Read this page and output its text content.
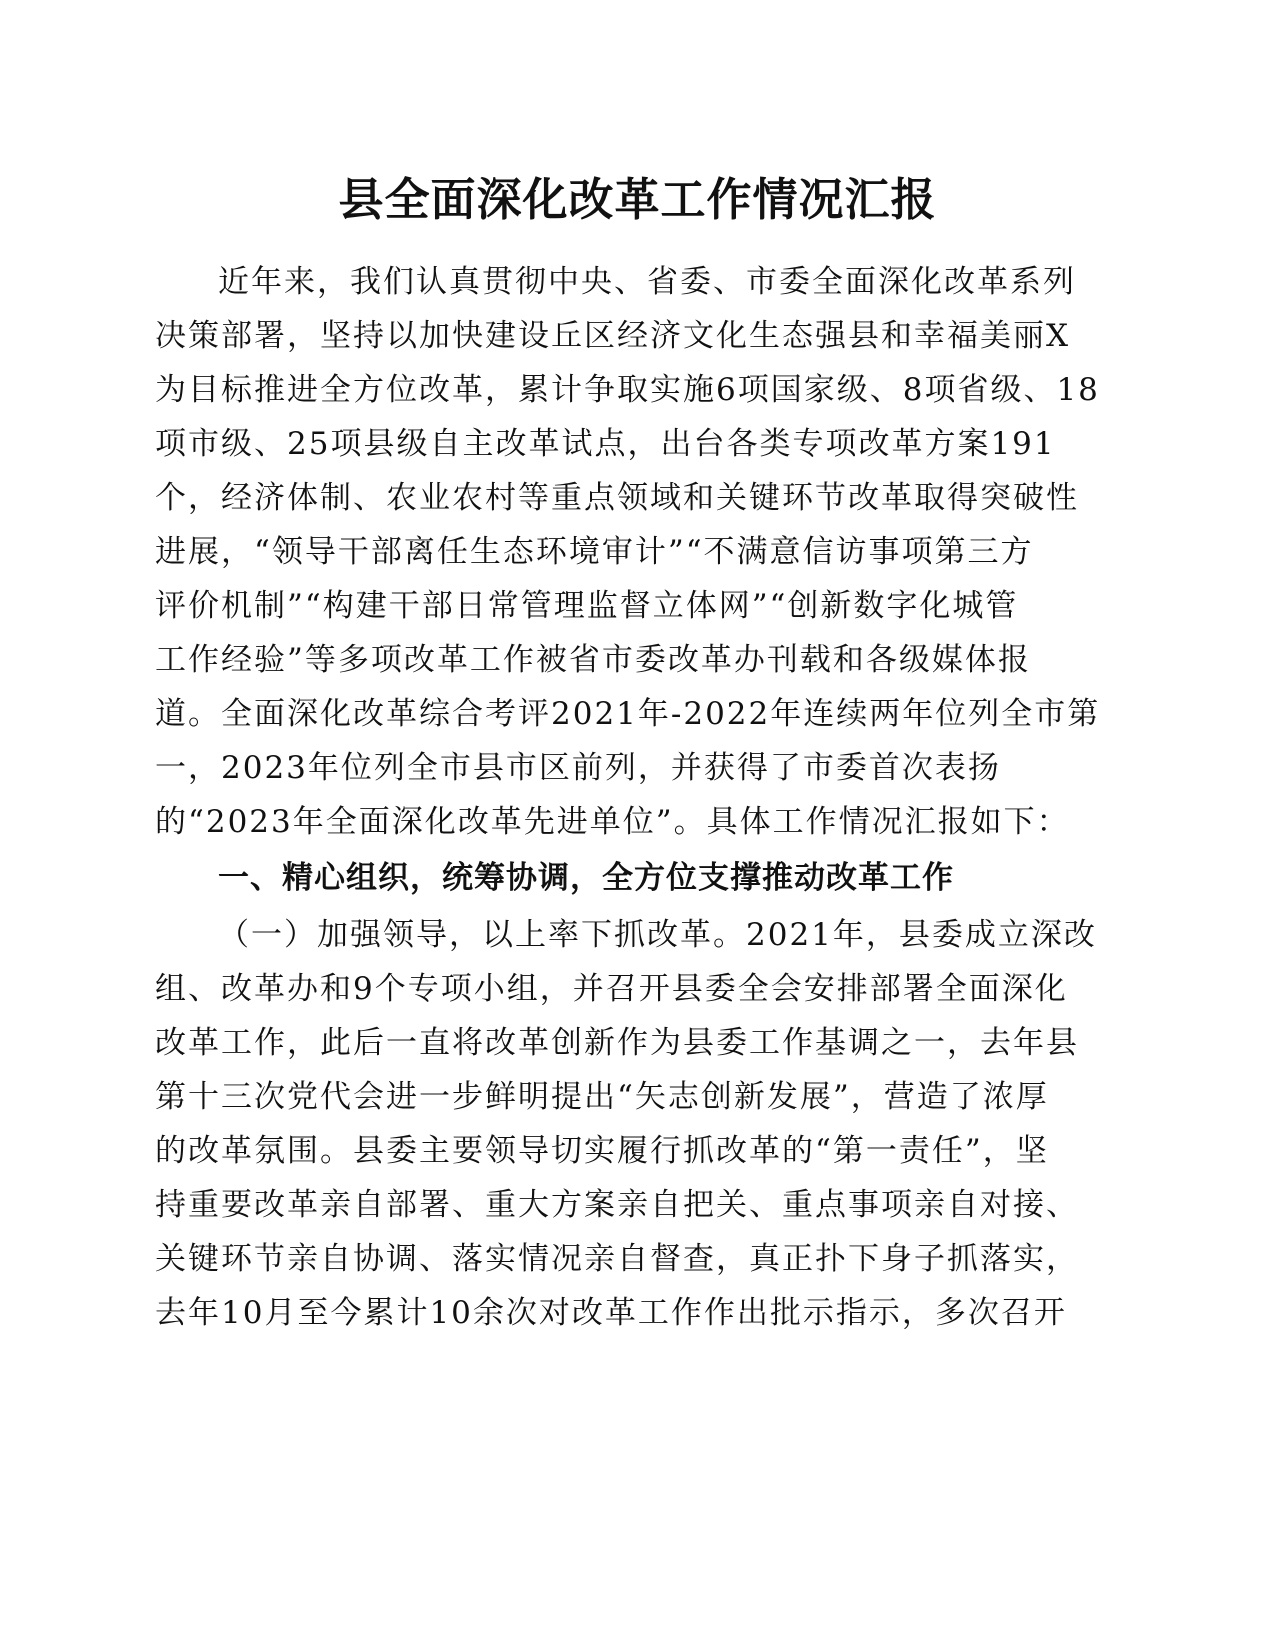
县全面深化改革工作情况汇报
近年来，我们认真贯彻中央、省委、市委全面深化改革系列
决策部署，坚持以加快建设丘区经济文化生态强县和幸福美丽X
为目标推进全方位改革，累计争取实施6项国家级、8项省级、18
项市级、25项县级自主改革试点，出台各类专项改革方案191
个，经济体制、农业农村等重点领域和关键环节改革取得突破性
进展，“领导干部离任生态环境审计”“不满意信访事项第三方
评价机制”“构建干部日常管理监督立体网”“创新数字化城管
工作经验”等多项改革工作被省市委改革办刊载和各级媒体报
道。全面深化改革综合考评2021年-2022年连续两年位列全市第
一，2023年位列全市县市区前列，并获得了市委首次表扬
的“2023年全面深化改革先进单位”。具体工作情况汇报如下：
一、精心组织，统筹协调，全方位支撑推动改革工作
（一）加强领导，以上率下抓改革。2021年，县委成立深改
组、改革办和9个专项小组，并召开县委全会安排部署全面深化
改革工作，此后一直将改革创新作为县委工作基调之一，去年县
第十三次党代会进一步鲜明提出“矢志创新发展”，营造了浓厚
的改革氛围。县委主要领导切实履行抓改革的“第一责任”，坚
持重要改革亲自部署、重大方案亲自把关、重点事项亲自对接、
关键环节亲自协调、落实情况亲自督查，真正扑下身子抓落实，
去年10月至今累计10余次对改革工作作出批示指示，多次召开
